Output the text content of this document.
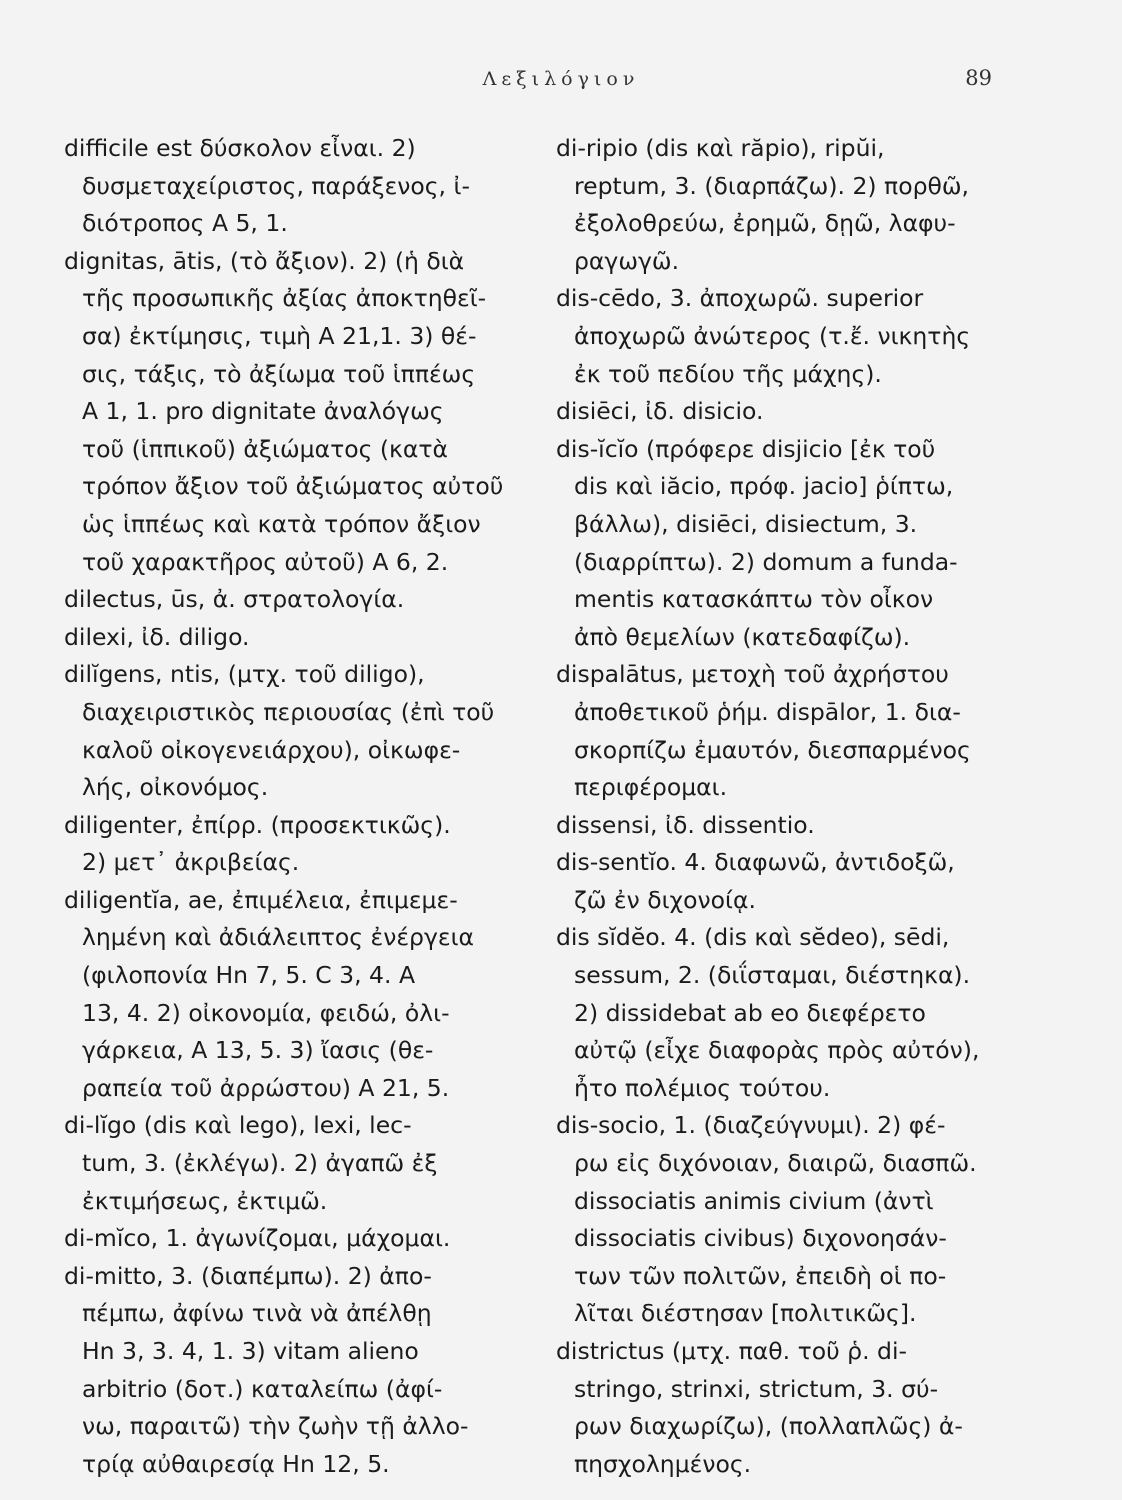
Λεξιλόγιον	89
difficile est δύσκολον εἶναι. 2)
δυσμεταχείριστος, παράξενος, ἰ-
διότροπος Α 5, 1.
dignitas, ātis, (τὸ ἄξιον). 2) (ἡ διὰ
τῆς προσωπικῆς ἀξίας ἀποκτηθεῖ-
σα) ἐκτίμησις, τιμὴ Α 21,1. 3) θέ-
σις, τάξις, τὸ ἀξίωμα τοῦ ἱππέως
Α 1, 1. pro dignitate ἀναλόγως
τοῦ (ἱππικοῦ) ἀξιώματος (κατὰ
τρόπον ἄξιον τοῦ ἀξιώματος αὐτοῦ
ὡς ἱππέως καὶ κατὰ τρόπον ἄξιον
τοῦ χαρακτῆρος αὐτοῦ) Α 6, 2.
dilectus, ūs, ἀ. στρατολογία.
dilexi, ἰδ. diligo.
dilĭgens, ntis, (μτχ. τοῦ diligo),
διαχειριστικὸς περιουσίας (ἐπὶ τοῦ
καλοῦ οἰκογενειάρχου), οἰκωφε-
λής, οἰκονόμος.
diligenter, ἐπίρρ. (προσεκτικῶς).
2) μετ᾽ ἀκριβείας.
diligentĭa, ae, ἐπιμέλεια, ἐπιμεμε-
λημένη καὶ ἀδιάλειπτος ἐνέργεια
(φιλοπονία Hn 7, 5. C 3, 4. A
13, 4. 2) οἰκονομία, φειδώ, ὀλι-
γάρκεια, Α 13, 5. 3) ἴασις (θε-
ραπεία τοῦ ἀρρώστου) Α 21, 5.
di-lĭgo (dis καὶ lego), lexi, lec-
tum, 3. (ἐκλέγω). 2) ἀγαπῶ ἐξ
ἐκτιμήσεως, ἐκτιμῶ.
di-mĭco, 1. ἀγωνίζομαι, μάχομαι.
di-mitto, 3. (διαπέμπω). 2) ἀπο-
πέμπω, ἀφίνω τινὰ νὰ ἀπέλθῃ
Hn 3, 3. 4, 1. 3) vitam alieno
arbitrio (δοτ.) καταλείπω (ἀφί-
νω, παραιτῶ) τὴν ζωὴν τῇ ἀλλο-
τρίᾳ αὐθαιρεσίᾳ Hn 12, 5.
di-ripio (dis καὶ răpio), ripŭi,
reptum, 3. (διαρπάζω). 2) πορθῶ,
ἐξολοθρεύω, ἐρημῶ, δῃῶ, λαφυ-
ραγωγῶ.
dis-cēdo, 3. ἀποχωρῶ. superior
ἀποχωρῶ ἀνώτερος (τ.ἔ. νικητὴς
ἐκ τοῦ πεδίου τῆς μάχης).
disiēci, ἰδ. disicio.
dis-ĭcĭo (πρόφερε disjicio [ἐκ τοῦ
dis καὶ iăcio, πρόφ. jacio] ῥίπτω,
βάλλω), disiēci, disiectum, 3.
(διαρρίπτω). 2) domum a funda-
mentis κατασκάπτω τὸν οἶκον
ἀπὸ θεμελίων (κατεδαφίζω).
dispalātus, μετοχὴ τοῦ ἀχρήστου
ἀποθετικοῦ ῥήμ. dispālor, 1. δια-
σκορπίζω ἐμαυτόν, διεσπαρμένος
περιφέρομαι.
dissensi, ἰδ. dissentio.
dis-sentĭo. 4. διαφωνῶ, ἀντιδοξῶ,
ζῶ ἐν διχονοίᾳ.
dis sĭdĕo. 4. (dis καὶ sĕdeo), sēdi,
sessum, 2. (διΐσταμαι, διέστηκα).
2) dissidebat ab eo διεφέρετο
αὐτῷ (εἶχε διαφορὰς πρὸς αὐτόν),
ἦτο πολέμιος τούτου.
dis-socio, 1. (διαζεύγνυμι). 2) φέ-
ρω εἰς διχόνοιαν, διαιρῶ, διασπῶ.
dissociatis animis civium (ἀντὶ
dissociatis civibus) διχονοησάν-
των τῶν πολιτῶν, ἐπειδὴ οἱ πο-
λῖται διέστησαν [πολιτικῶς].
districtus (μτχ. παθ. τοῦ ῥ. di-
stringo, strinxi, strictum, 3. σύ-
ρων διαχωρίζω), (πολλαπλῶς) ἀ-
πησχολημένος.
